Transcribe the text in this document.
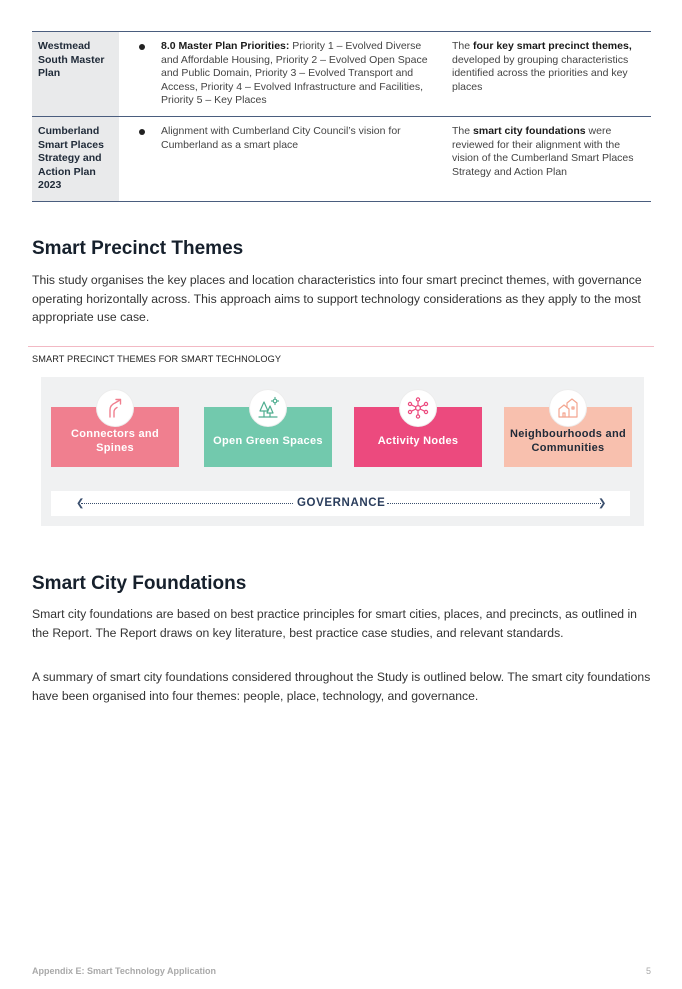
Westmead South Master Plan	8.0 Master Plan Priorities: Priority 1 – Evolved Diverse and Affordable Housing, Priority 2 – Evolved Open Space and Public Domain, Priority 3 – Evolved Transport and Access, Priority 4 – Evolved Infrastructure and Facilities, Priority 5 – Key Places	The four key smart precinct themes, developed by grouping characteristics identified across the priorities and key places
Cumberland Smart Places Strategy and Action Plan 2023	Alignment with Cumberland City Council’s vision for Cumberland as a smart place	The smart city foundations were reviewed for their alignment with the vision of the Cumberland Smart Places Strategy and Action Plan
Smart Precinct Themes
This study organises the key places and location characteristics into four smart precinct themes, with governance operating horizontally across. This approach aims to support technology considerations as they apply to the most appropriate use case.
SMART PRECINCT THEMES FOR SMART TECHNOLOGY
Connectors and Spines
Open Green Spaces	Activity Nodes
Neighbourhoods and Communities
❮	GOVERNANCE	❯
Smart City Foundations
Smart city foundations are based on best practice principles for smart cities, places, and precincts, as outlined in the Report. The Report draws on key literature, best practice case studies, and relevant standards.
A summary of smart city foundations considered throughout the Study is outlined below. The smart city foundations have been organised into four themes: people, place, technology, and governance.
Appendix E: Smart Technology Application	5
